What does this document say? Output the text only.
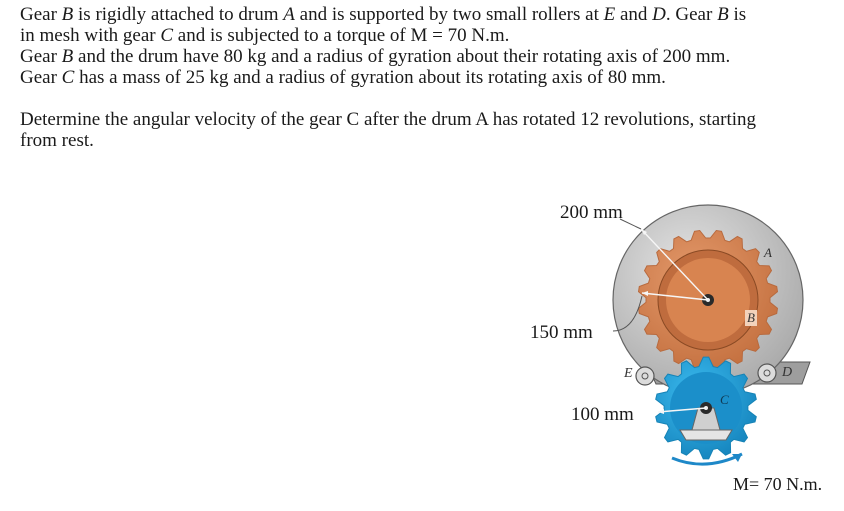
Gear B is rigidly attached to drum A and is supported by two small rollers at E and D. Gear B is
in mesh with gear C and is subjected to a torque of M = 70 N.m.
Gear B and the drum have 80 kg and a radius of gyration about their rotating axis of 200 mm.
Gear C has a mass of 25 kg and a radius of gyration about its rotating axis of 80 mm.

Determine the angular velocity of the gear C after the drum A has rotated 12 revolutions, starting
from rest.

200 mm
150 mm
100 mm
A
B
C
D
E
M= 70 N.m.
